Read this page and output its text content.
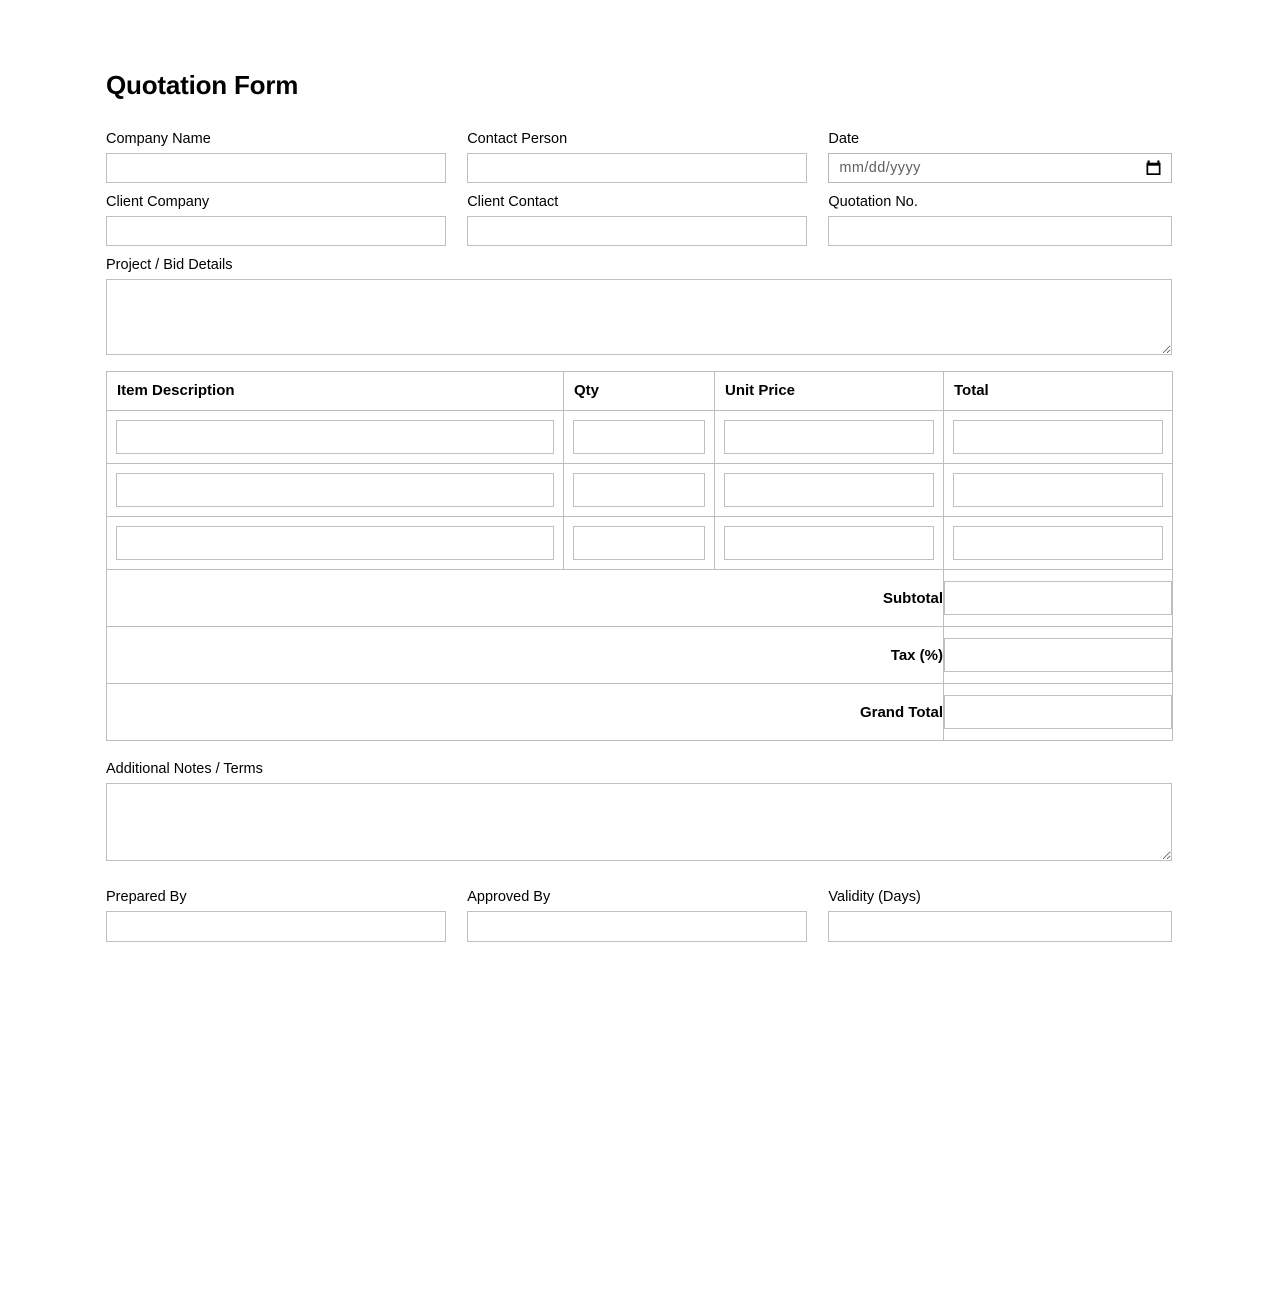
Quotation Form
Company Name	Contact Person	Date
mm/dd/yyyy
Client Company	Client Contact	Quotation No.
Project / Bid Details
Item Description	Qty	Unit Price	Total

Subtotal	

Tax (%)	

Grand Total	
Additional Notes / Terms
Prepared By	Approved By	Validity (Days)
